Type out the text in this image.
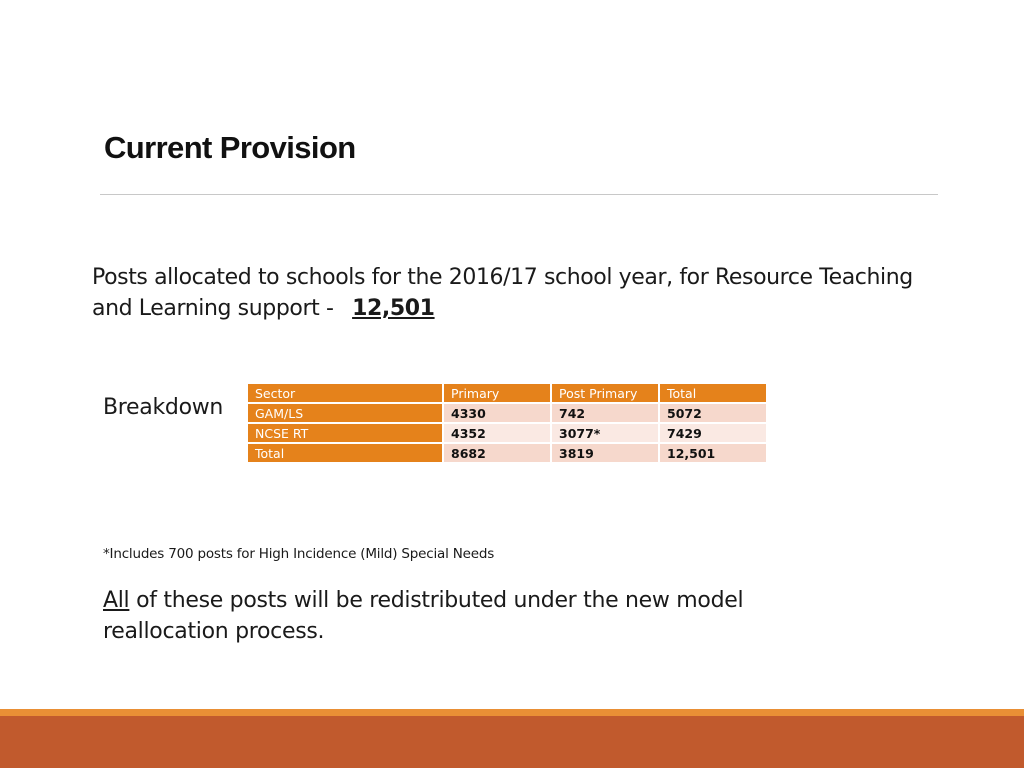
Current Provision
Posts allocated to schools for the 2016/17 school year, for Resource Teaching and Learning support - 12,501
Breakdown
Sector	Primary	Post Primary	Total
GAM/LS	4330	742	5072
NCSE RT	4352	3077*	7429
Total	8682	3819	12,501
*Includes 700 posts for High Incidence (Mild) Special Needs
All of these posts will be redistributed under the new model reallocation process.
